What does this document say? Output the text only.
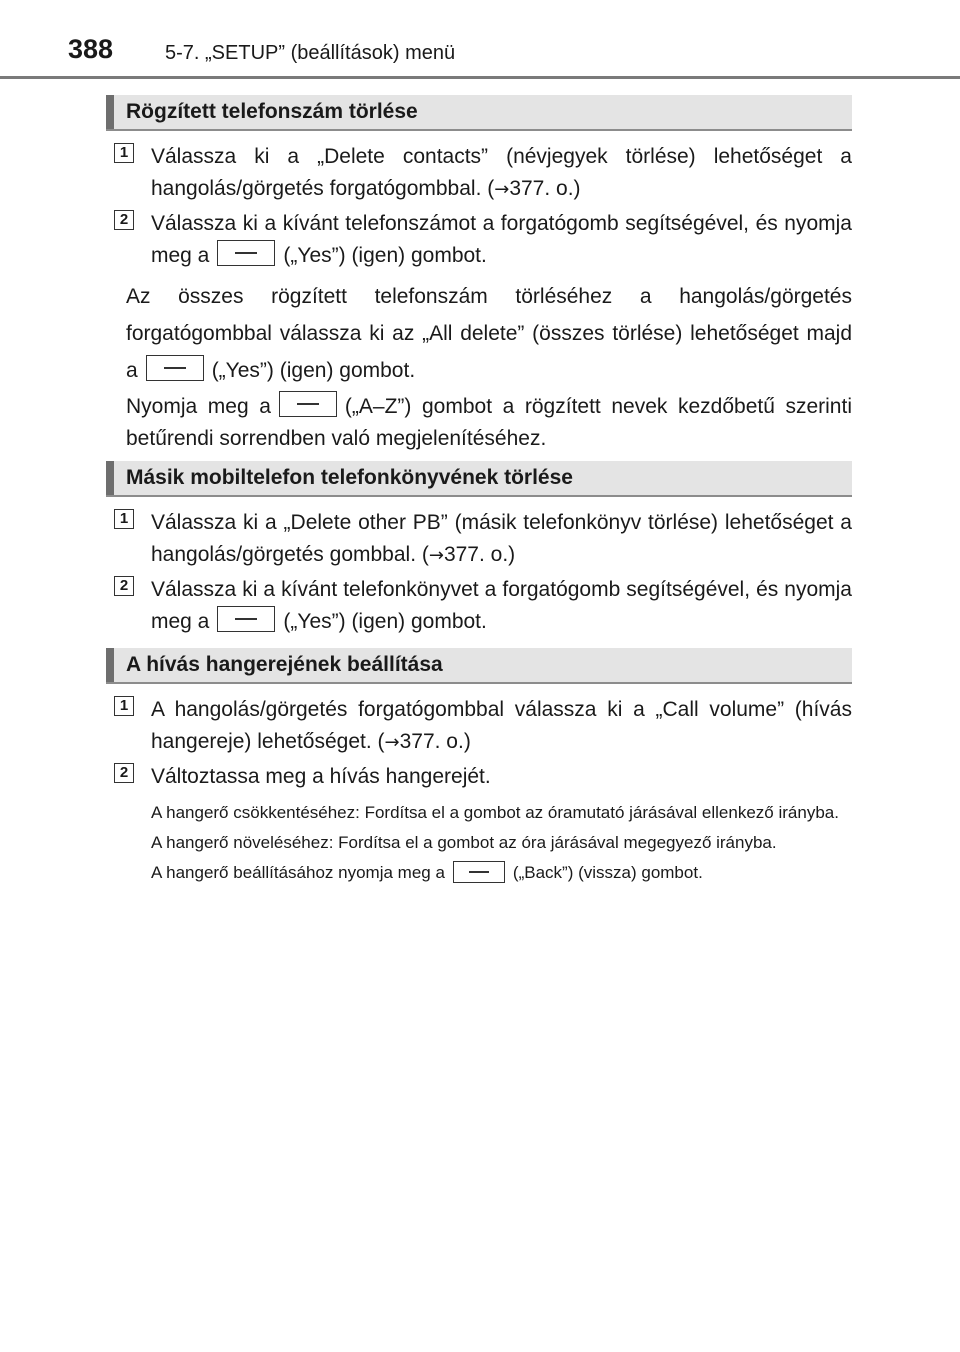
388	5-7. „SETUP” (beállítások) menü
Rögzített telefonszám törlése
1 Válassza ki a „Delete contacts” (névjegyek törlése) lehetőséget a hangolás/görgetés forgatógombbal. (→377. o.)
2 Válassza ki a kívánt telefonszámot a forgatógomb segítségével, és nyomja meg a	(„Yes”) (igen) gombot.
Az összes rögzített telefonszám törléséhez a hangolás/görgetés forgatógombbal válassza ki az „All delete” (összes törlése) lehetőséget majd a	(„Yes”) (igen) gombot.
Nyomja meg a	(„A–Z”) gombot a rögzített nevek kezdőbetű szerinti betűrendi sorrendben való megjelenítéséhez.
Másik mobiltelefon telefonkönyvének törlése
1 Válassza ki a „Delete other PB” (másik telefonkönyv törlése) lehetőséget a hangolás/görgetés gombbal. (→377. o.)
2 Válassza ki a kívánt telefonkönyvet a forgatógomb segítségével, és nyomja meg a	(„Yes”) (igen) gombot.
A hívás hangerejének beállítása
1 A hangolás/görgetés forgatógombbal válassza ki a „Call volume” (hívás hangereje) lehetőséget. (→377. o.)
2 Változtassa meg a hívás hangerejét.
A hangerő csökkentéséhez: Fordítsa el a gombot az óramutató járásával ellenkező irányba.
A hangerő növeléséhez: Fordítsa el a gombot az óra járásával megegyező irányba.
A hangerő beállításához nyomja meg a	(„Back”) (vissza) gombot.
